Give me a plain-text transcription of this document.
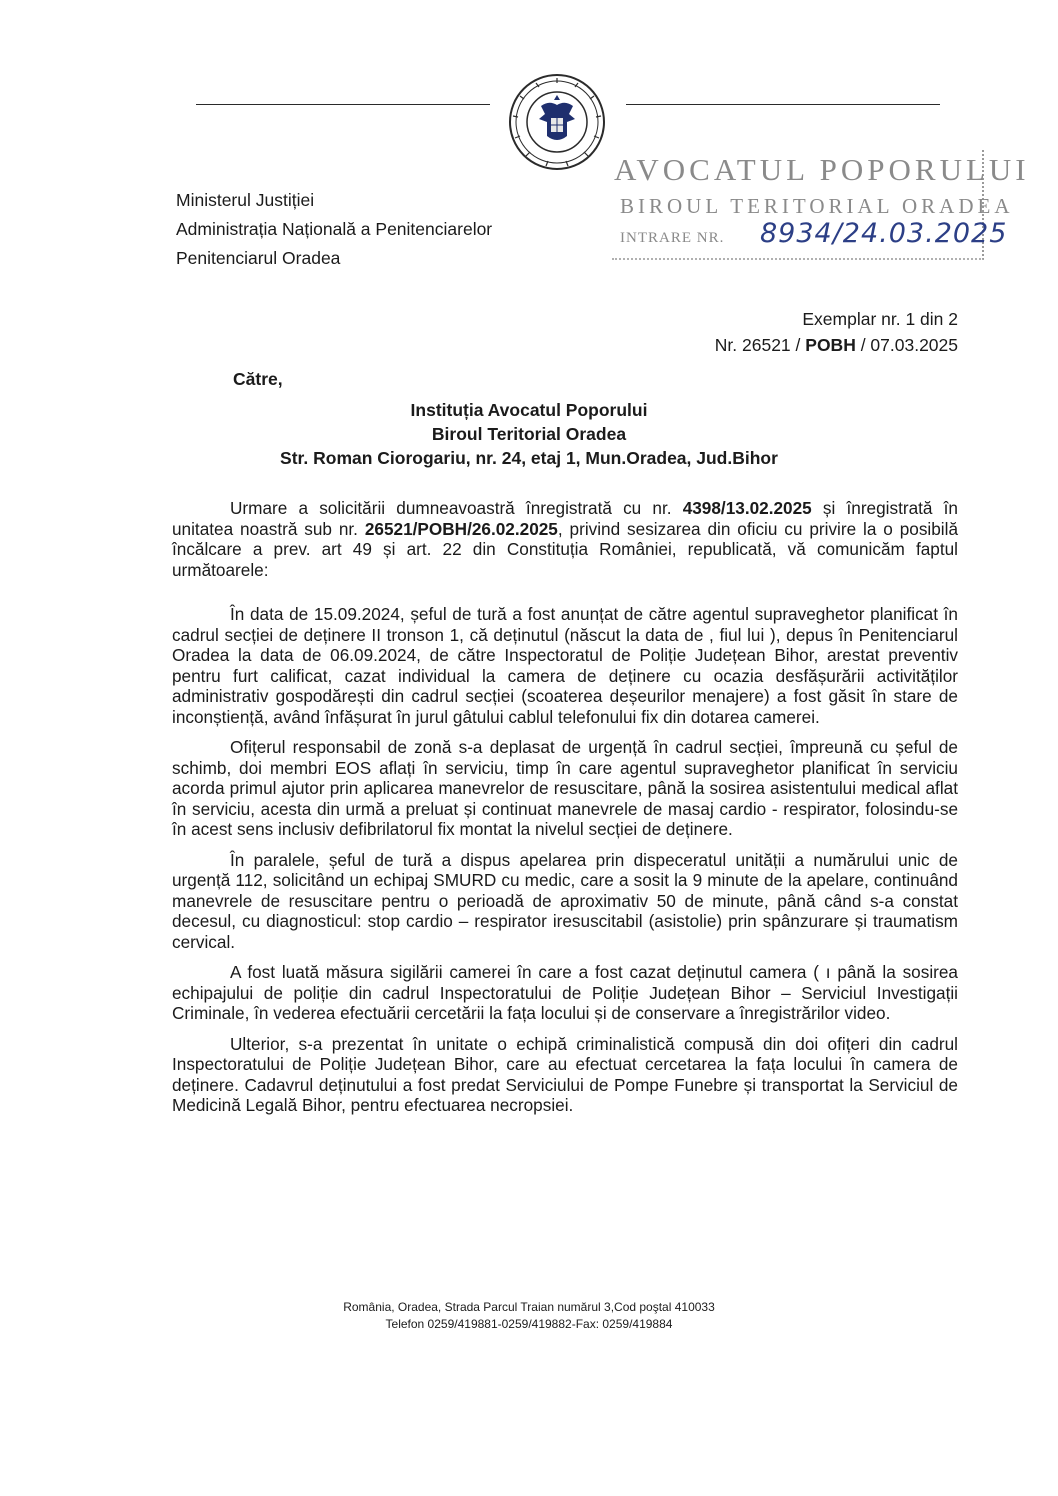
AVOCATUL POPORULUI
BIROUL TERITORIAL ORADEA
INTRARE NR. 8934/24.03.2025
Ministerul Justiției
Administrația Națională a Penitenciarelor
Penitenciarul Oradea
Exemplar nr. 1 din 2
Nr. 26521 / POBH / 07.03.2025
Către,
Instituția Avocatul Poporului
Biroul Teritorial Oradea
Str. Roman Ciorogariu, nr. 24, etaj 1, Mun.Oradea, Jud.Bihor

Urmare a solicitării dumneavoastră înregistrată cu nr. 4398/13.02.2025 și înregistrată în unitatea noastră sub nr. 26521/POBH/26.02.2025, privind sesizarea din oficiu cu privire la o posibilă încălcare a prev. art 49 și art. 22 din Constituția României, republicată, vă comunicăm faptul următoarele:

În data de 15.09.2024, șeful de tură a fost anunțat de către agentul supraveghetor planificat în cadrul secției de deținere II tronson 1, că deținutul (născut la data de , fiul lui ), depus în Penitenciarul Oradea la data de 06.09.2024, de către Inspectoratul de Poliție Județean Bihor, arestat preventiv pentru furt calificat, cazat individual la camera de deținere cu ocazia desfășurării activităților administrativ gospodărești din cadrul secției (scoaterea deșeurilor menajere) a fost găsit în stare de inconștiență, având înfășurat în jurul gâtului cablul telefonului fix din dotarea camerei.

Ofițerul responsabil de zonă s-a deplasat de urgență în cadrul secției, împreună cu șeful de schimb, doi membri EOS aflați în serviciu, timp în care agentul supraveghetor planificat în serviciu acorda primul ajutor prin aplicarea manevrelor de resuscitare, până la sosirea asistentului medical aflat în serviciu, acesta din urmă a preluat și continuat manevrele de masaj cardio - respirator, folosindu-se în acest sens inclusiv defibrilatorul fix montat la nivelul secției de deținere.

În paralele, șeful de tură a dispus apelarea prin dispeceratul unității a numărului unic de urgență 112, solicitând un echipaj SMURD cu medic, care a sosit la 9 minute de la apelare, continuând manevrele de resuscitare pentru o perioadă de aproximativ 50 de minute, până când s-a constat decesul, cu diagnosticul: stop cardio – respirator iresuscitabil (asistolie) prin spânzurare și traumatism cervical.

A fost luată măsura sigilării camerei în care a fost cazat deținutul camera ( ı până la sosirea echipajului de poliție din cadrul Inspectoratului de Poliție Județean Bihor – Serviciul Investigații Criminale, în vederea efectuării cercetării la fața locului și de conservare a înregistrărilor video.

Ulterior, s-a prezentat în unitate o echipă criminalistică compusă din doi ofițeri din cadrul Inspectoratului de Poliție Județean Bihor, care au efectuat cercetarea la fața locului în camera de deținere. Cadavrul deținutului a fost predat Serviciului de Pompe Funebre și transportat la Serviciul de Medicină Legală Bihor, pentru efectuarea necropsiei.

România, Oradea, Strada Parcul Traian numărul 3,Cod poştal 410033
Telefon 0259/419881-0259/419882-Fax: 0259/419884
